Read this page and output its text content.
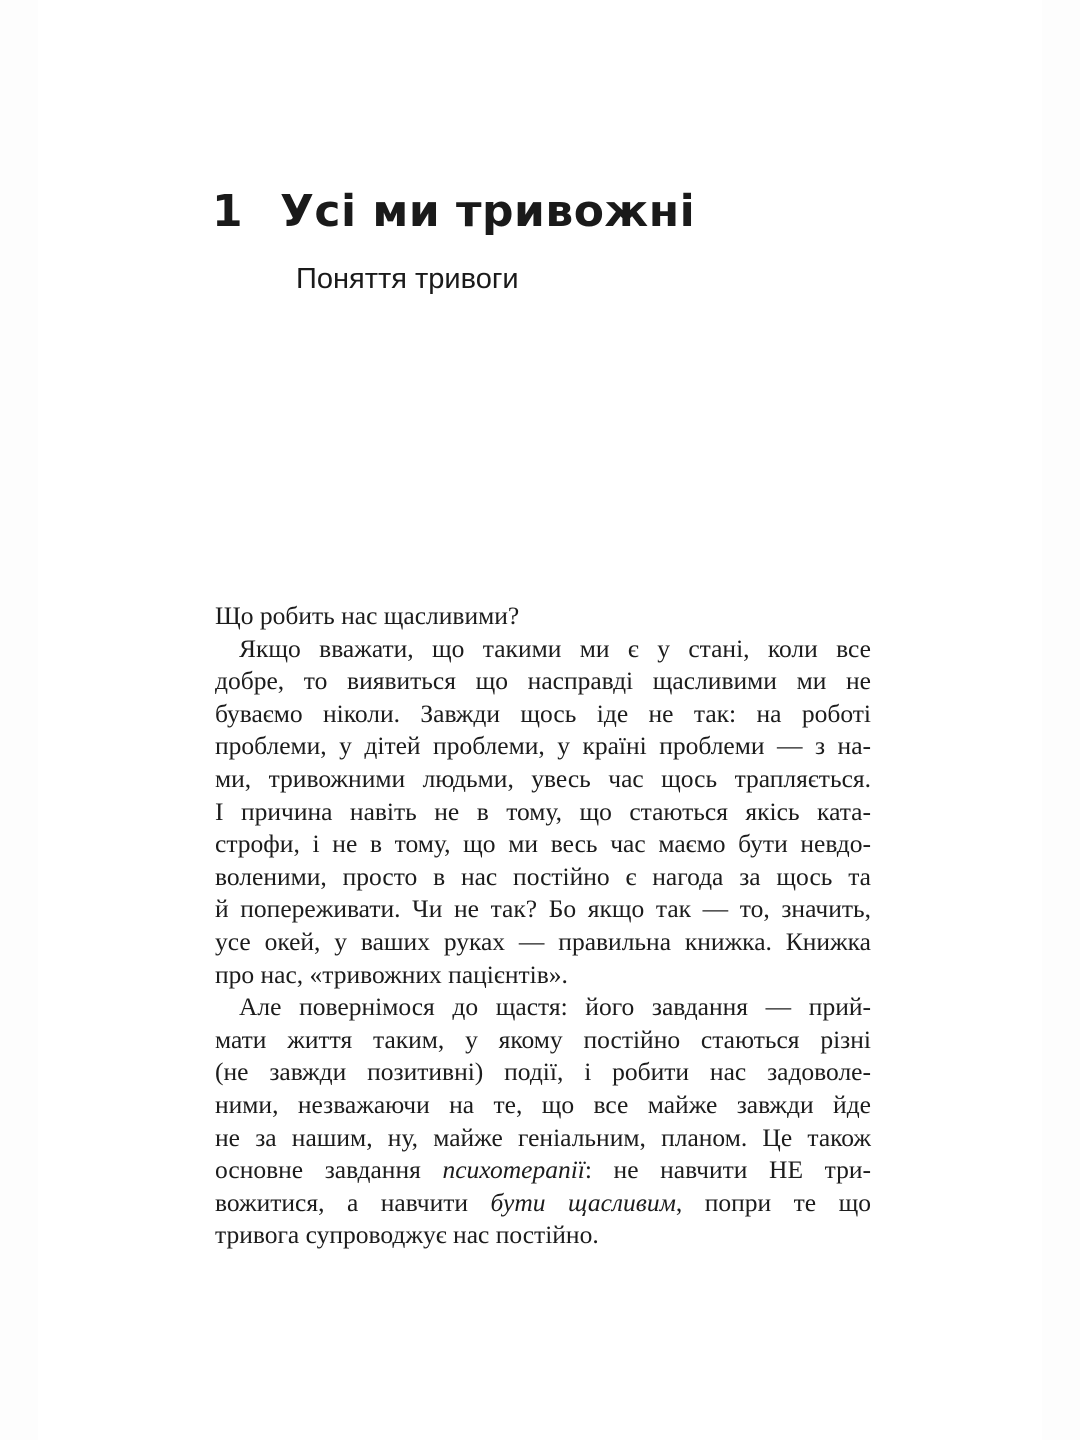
1 Усі ми тривожні
Поняття тривоги
Що робить нас щасливими?
Якщо вважати, що такими ми є у стані, коли все
добре, то виявиться що насправді щасливими ми не
буваємо ніколи. Завжди щось іде не так: на роботі
проблеми, у дітей проблеми, у країні проблеми — з на-
ми, тривожними людьми, увесь час щось трапляється.
І причина навіть не в тому, що стаються якісь ката-
строфи, і не в тому, що ми весь час маємо бути невдо-
воленими, просто в нас постійно є нагода за щось та
й попереживати. Чи не так? Бо якщо так — то, значить,
усе окей, у ваших руках — правильна книжка. Книжка
про нас, «тривожних пацієнтів».
Але повернімося до щастя: його завдання — прий-
мати життя таким, у якому постійно стаються різні
(не завжди позитивні) події, і робити нас задоволе-
ними, незважаючи на те, що все майже завжди йде
не за нашим, ну, майже геніальним, планом. Це також
основне завдання психотерапії: не навчити НЕ три-
вожитися, а навчити бути щасливим, попри те що
тривога супроводжує нас постійно.
